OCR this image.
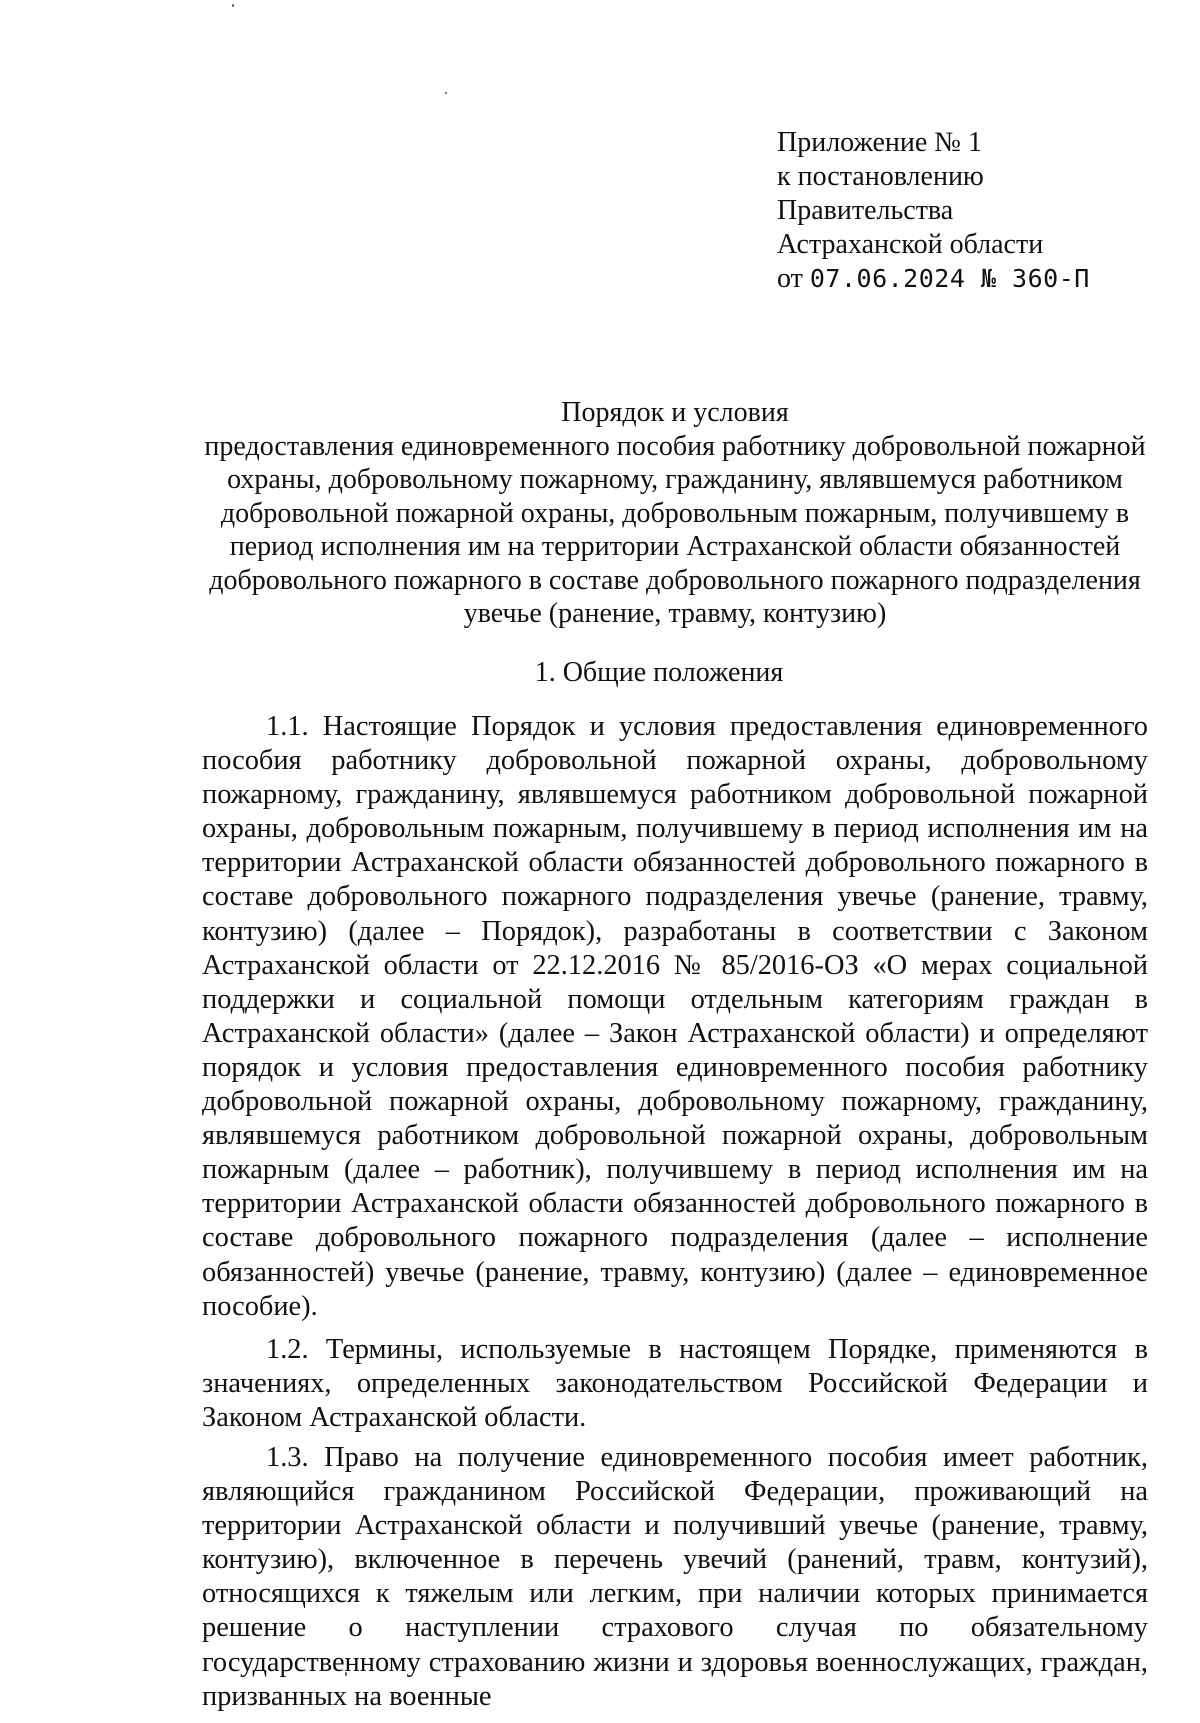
Приложение № 1
к постановлению
Правительства
Астраханской области
от 07.06.2024 № 360-П
Порядок и условия
предоставления единовременного пособия работнику добровольной пожарной охраны, добровольному пожарному, гражданину, являвшемуся работником добровольной пожарной охраны, добровольным пожарным, получившему в период исполнения им на территории Астраханской области обязанностей добровольного пожарного в составе добровольного пожарного подразделения увечье (ранение, травму, контузию)
1. Общие положения

1.1. Настоящие Порядок и условия предоставления единовременного пособия работнику добровольной пожарной охраны, добровольному пожарному, гражданину, являвшемуся работником добровольной пожарной охраны, добровольным пожарным, получившему в период исполнения им на территории Астраханской области обязанностей добровольного пожарного в составе добровольного пожарного подразделения увечье (ранение, травму, контузию) (далее – Порядок), разработаны в соответствии с Законом Астраханской области от 22.12.2016 № 85/2016-ОЗ «О мерах социальной поддержки и социальной помощи отдельным категориям граждан в Астраханской области» (далее – Закон Астраханской области) и определяют порядок и условия предоставления единовременного пособия работнику добровольной пожарной охраны, добровольному пожарному, гражданину, являвшемуся работником добровольной пожарной охраны, добровольным пожарным (далее – работник), получившему в период исполнения им на территории Астраханской области обязанностей добровольного пожарного в составе добровольного пожарного подразделения (далее – исполнение обязанностей) увечье (ранение, травму, контузию) (далее – единовременное пособие).

1.2. Термины, используемые в настоящем Порядке, применяются в значениях, определенных законодательством Российской Федерации и Законом Астраханской области.

1.3. Право на получение единовременного пособия имеет работник, являющийся гражданином Российской Федерации, проживающий на территории Астраханской области и получивший увечье (ранение, травму, контузию), включенное в перечень увечий (ранений, травм, контузий), относящихся к тяжелым или легким, при наличии которых принимается решение о наступлении страхового случая по обязательному государственному страхованию жизни и здоровья военнослужащих, граждан, призванных на военные
